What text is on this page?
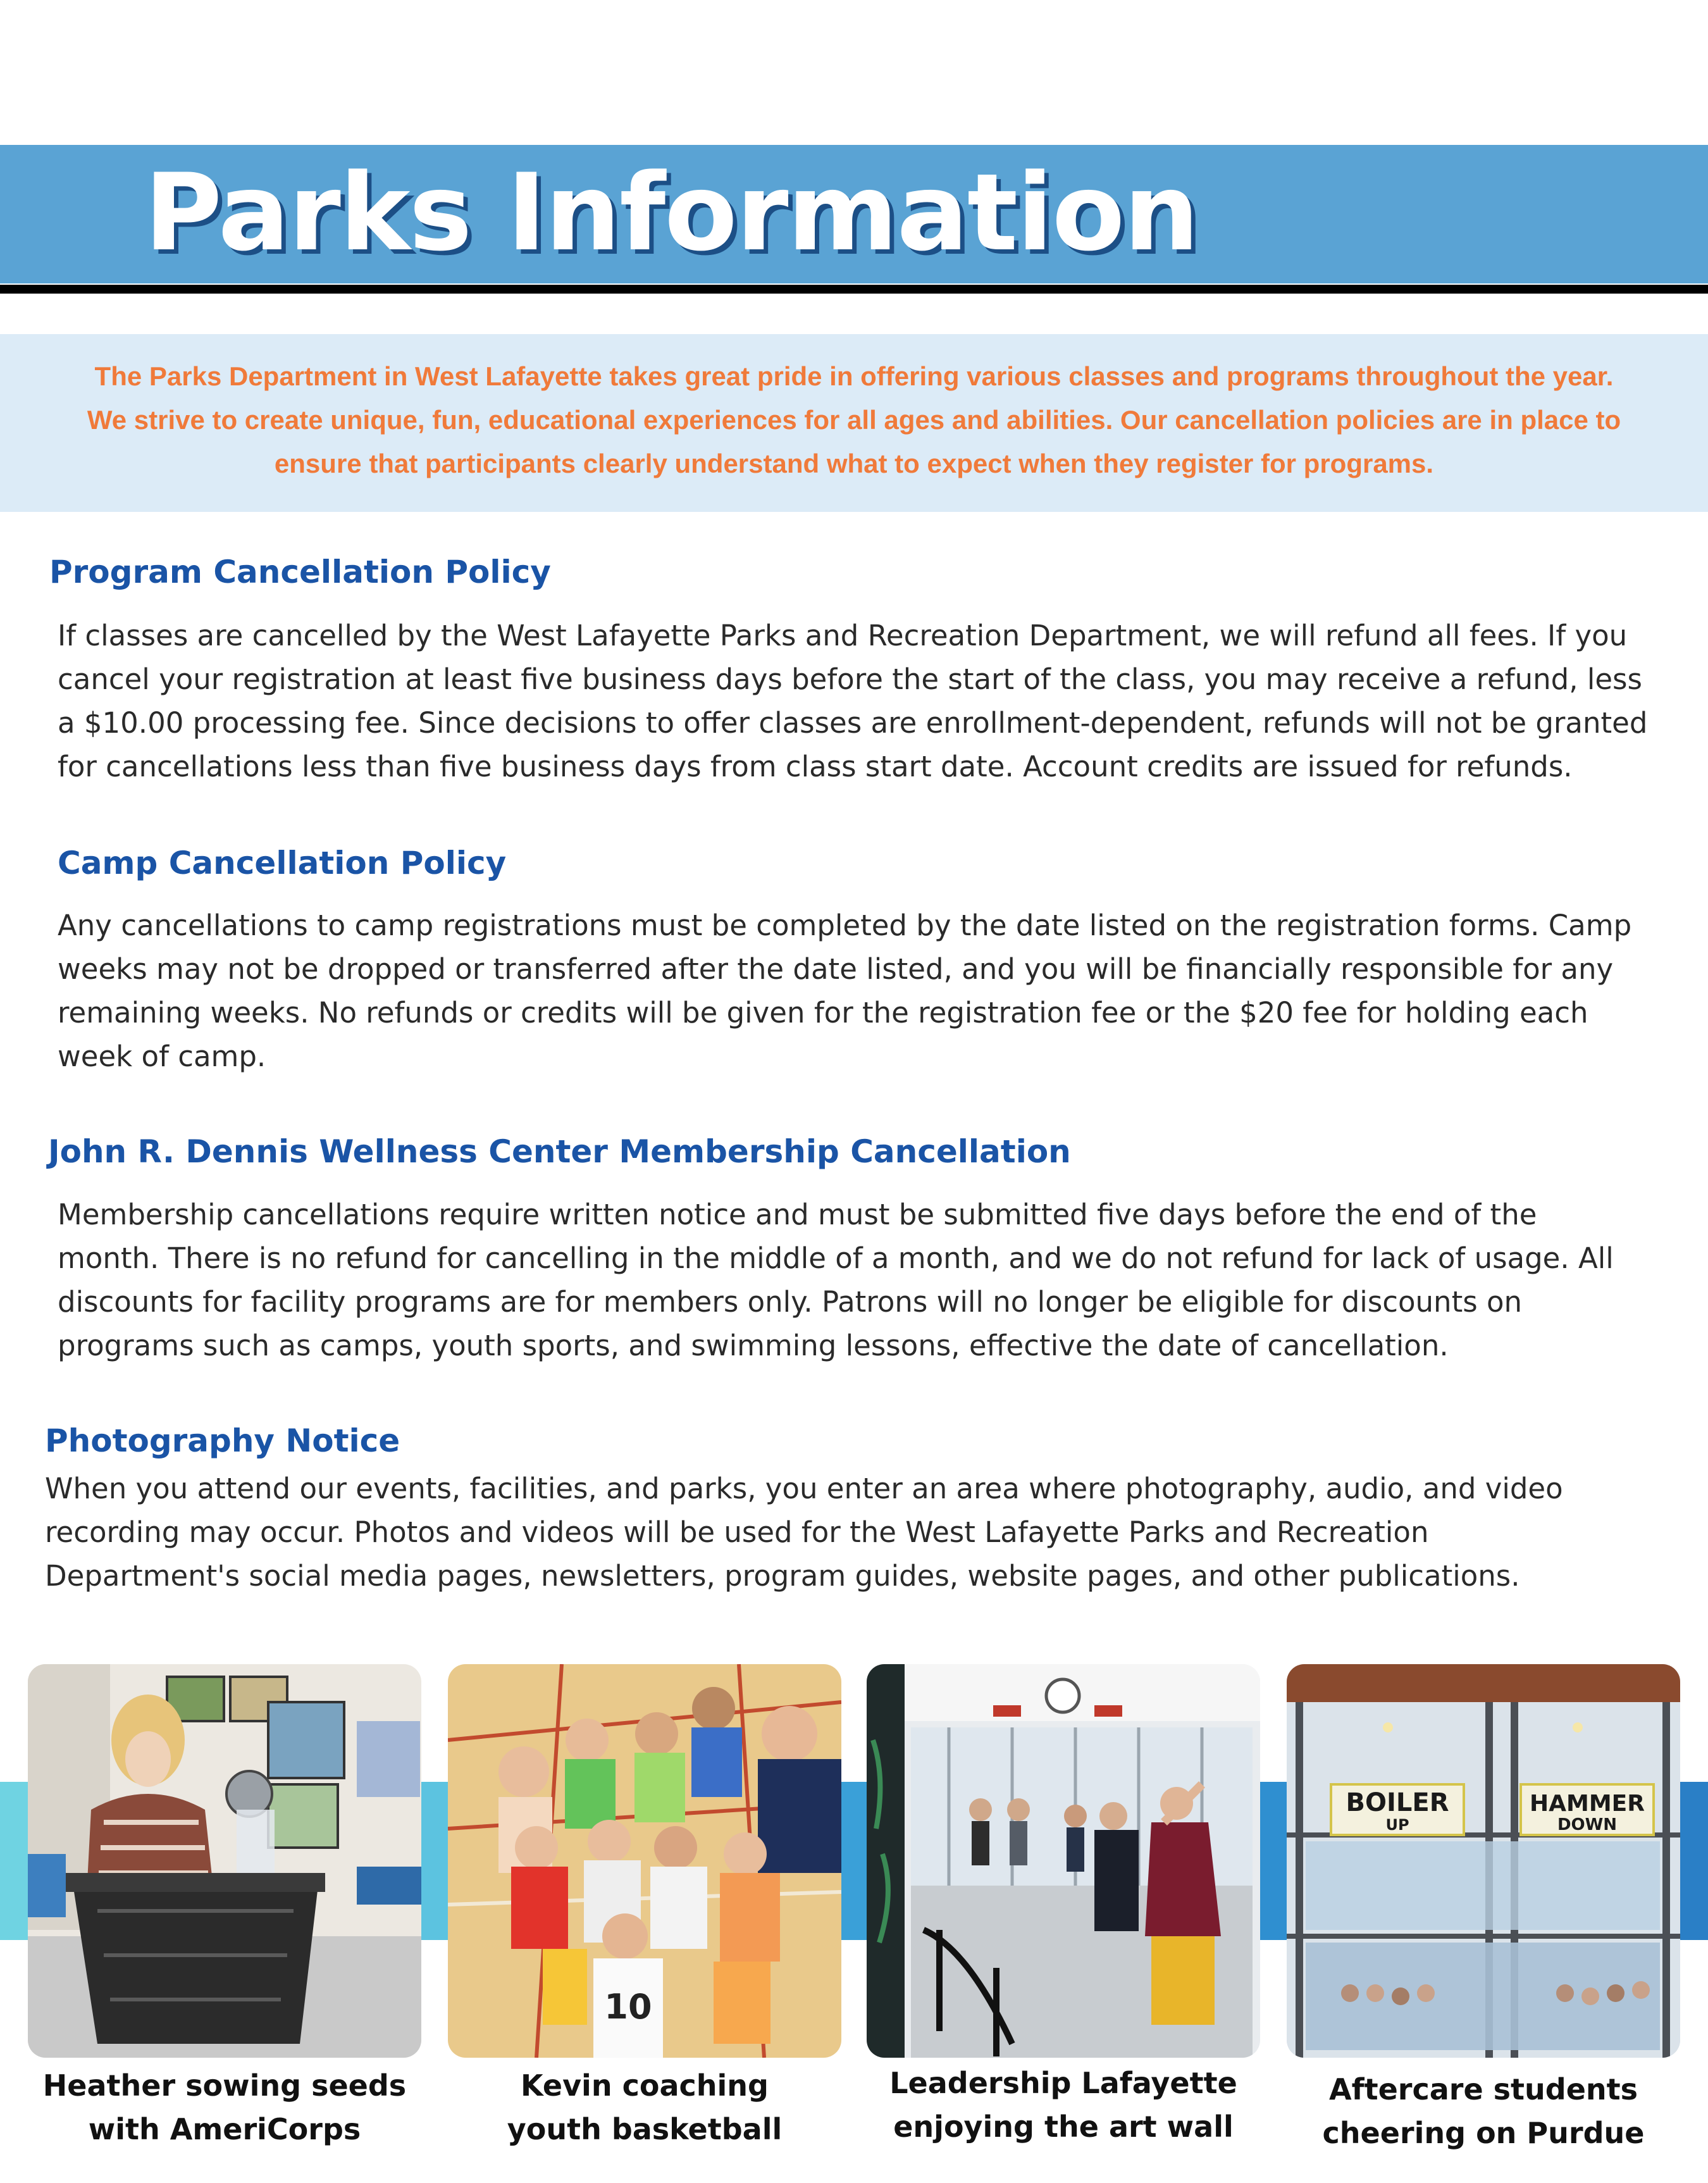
Parks Information
The Parks Department in West Lafayette takes great pride in offering various classes and programs throughout the year.
We strive to create unique, fun, educational experiences for all ages and abilities. Our cancellation policies are in place to
ensure that participants clearly understand what to expect when they register for programs.
Program Cancellation Policy
If classes are cancelled by the West Lafayette Parks and Recreation Department, we will refund all fees. If you
cancel your registration at least five business days before the start of the class, you may receive a refund, less
a $10.00 processing fee. Since decisions to offer classes are enrollment-dependent, refunds will not be granted
for cancellations less than five business days from class start date. Account credits are issued for refunds.
Camp Cancellation Policy
Any cancellations to camp registrations must be completed by the date listed on the registration forms. Camp
weeks may not be dropped or transferred after the date listed, and you will be financially responsible for any
remaining weeks. No refunds or credits will be given for the registration fee or the $20 fee for holding each
week of camp.
John R. Dennis Wellness Center Membership Cancellation
Membership cancellations require written notice and must be submitted five days before the end of the
month. There is no refund for cancelling in the middle of a month, and we do not refund for lack of usage. All
discounts for facility programs are for members only. Patrons will no longer be eligible for discounts on
programs such as camps, youth sports, and swimming lessons, effective the date of cancellation.
Photography Notice
When you attend our events, facilities, and parks, you enter an area where photography, audio, and video
recording may occur. Photos and videos will be used for the West Lafayette Parks and Recreation
Department's social media pages, newsletters, program guides, website pages, and other publications.
10
BOILER
UP
HAMMER
DOWN
Heather sowing seeds
with AmeriCorps
Kevin coaching
youth basketball
Leadership Lafayette
enjoying the art wall
Aftercare students
cheering on Purdue
